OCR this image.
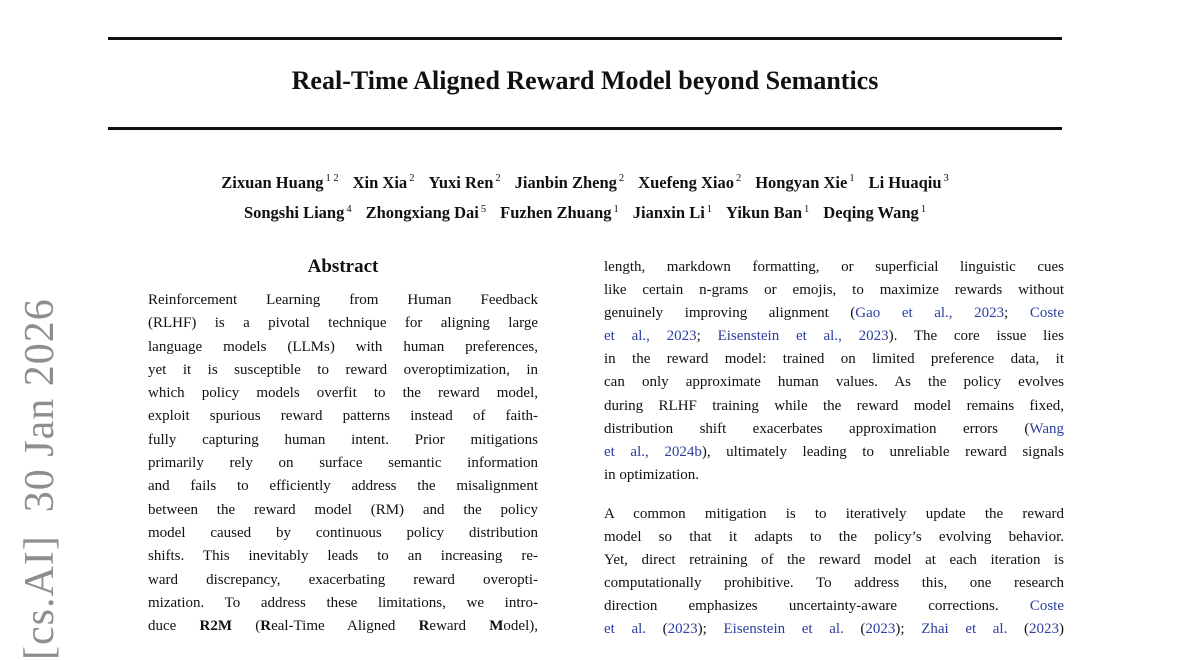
[cs.AI]  30 Jan 2026
Real-Time Aligned Reward Model beyond Semantics
Zixuan Huang $^{1 2}$ Xin Xia $^2$ Yuxi Ren $^2$ Jianbin Zheng $^2$ Xuefeng Xiao $^2$ Hongyan Xie $^1$ Li Huaqiu $^3$
Songshi Liang $^4$ Zhongxiang Dai $^5$ Fuzhen Zhuang $^1$ Jianxin Li $^1$ Yikun Ban $^1$ Deqing Wang $^1$
Abstract
Reinforcement Learning from Human Feedback
(RLHF) is a pivotal technique for aligning large
language models (LLMs) with human preferences,
yet it is susceptible to reward overoptimization, in
which policy models overfit to the reward model,
exploit spurious reward patterns instead of faith-
fully capturing human intent. Prior mitigations
primarily rely on surface semantic information
and fails to efficiently address the misalignment
between the reward model (RM) and the policy
model caused by continuous policy distribution
shifts. This inevitably leads to an increasing re-
ward discrepancy, exacerbating reward overopti-
mization. To address these limitations, we intro-
duce R2M (Real-Time Aligned Reward Model),
length, markdown formatting, or superficial linguistic cues
like certain n-grams or emojis, to maximize rewards without
genuinely improving alignment (Gao et al., 2023; Coste
et al., 2023; Eisenstein et al., 2023). The core issue lies
in the reward model: trained on limited preference data, it
can only approximate human values. As the policy evolves
during RLHF training while the reward model remains fixed,
distribution shift exacerbates approximation errors (Wang
et al., 2024b), ultimately leading to unreliable reward signals
in optimization.
A common mitigation is to iteratively update the reward
model so that it adapts to the policy’s evolving behavior.
Yet, direct retraining of the reward model at each iteration is
computationally prohibitive. To address this, one research
direction emphasizes uncertainty-aware corrections. Coste
et al. (2023); Eisenstein et al. (2023); Zhai et al. (2023)
